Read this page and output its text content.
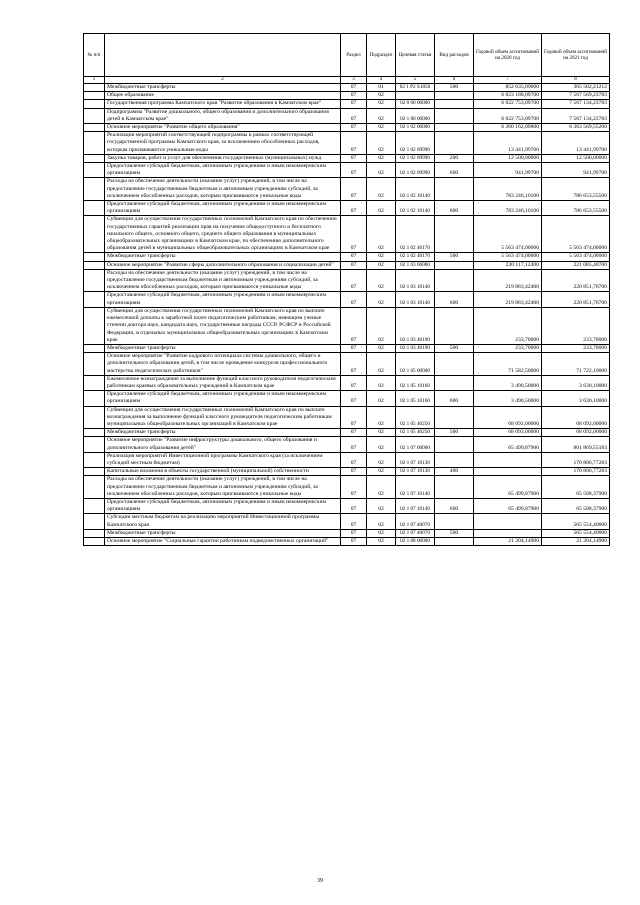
№ п/п		Раздел	Подраздел	Целевая статья	Вид расходов	Годовой объем ассигнований на 2020 год	Годовой объем ассигнований на 2021 год
1	2	3	4	5	6	7	8
	Межбюджетные трансферты	07	01	02 1 Р2 S1850	500	852 635,09000	365 582,21212
	Общее образование	07	02			6 823 188,09700	7 567 569,23783
	Государственная программа Камчатского края "Развитие образования в Камчатском крае"	07	02	02 0 00 00000		6 822 753,09700	7 567 134,23783
	Подпрограмма "Развитие дошкольного, общего образования и дополнительного образования детей в Камчатском крае"	07	02	02 1 00 00000		6 822 753,09700	7 567 134,23783
	Основное мероприятие "Развитие общего образования"	07	02	02 1 02 00000		6 360 162,09800	6 363 569,55200
	Реализация мероприятий соответствующей подпрограммы в рамках соответствующей государственной программы Камчатского края, за исключением обособленных расходов, которым присваиваются уникальные коды	07	02	02 1 02 09990		13 441,99700	13 441,99700
	Закупка товаров, работ и услуг для обеспечения государственных (муниципальных) нужд	07	02	02 1 02 09990	200	12 500,00000	12 500,00000
	Предоставление субсидий бюджетным, автономным учреждениям и иным некоммерческим организациям	07	02	02 1 02 09990	600	941,99700	941,99700
	Расходы на обеспечение деятельности (оказание услуг) учреждений, в том числе на предоставление государственным бюджетным и автономным учреждениям субсидий, за исключением обособленных расходов, которым присваиваются уникальные коды	07	02	02 1 02 10140		783 246,10100	786 653,55500
	Предоставление субсидий бюджетным, автономным учреждениям и иным некоммерческим организациям	07	02	02 1 02 10140	600	783 246,10100	786 653,55500
	Субвенции для осуществления государственных полномочий Камчатского края по обеспечению государственных гарантий реализации прав на получение общедоступного и бесплатного начального общего, основного общего, среднего общего образования в муниципальных общеобразовательных организациях в Камчатском крае, по обеспечению дополнительного образования детей в муниципальных общеобразовательных организациях в Камчатском крае	07	02	02 1 02 40170		5 563 474,00000	5 563 474,00000
	Межбюджетные трансферты	07	02	02 1 02 40170	500	5 563 474,00000	5 563 474,00000
	Основное мероприятие "Развитие сферы дополнительного образования и социализации детей"	07	02	02 1 03 00000		220 117,12400	221 085,48700
	Расходы на обеспечение деятельности (оказание услуг) учреждений, в том числе на предоставление государственным бюджетным и автономным учреждениям субсидий, за исключением обособленных расходов, которым присваиваются уникальные коды	07	02	02 1 03 10140		219 883,42400	220 851,78700
	Предоставление субсидий бюджетным, автономным учреждениям и иным некоммерческим организациям	07	02	02 1 03 10140	600	219 883,42400	220 851,78700
	Субвенции для осуществления государственных полномочий Камчатского края по выплате ежемесячной доплаты к заработной плате педагогическим работникам, имеющим ученые степени доктора наук, кандидата наук, государственные награды СССР, РСФСР и Российской Федерации, в отдельных муниципальных общеобразовательных организациях в Камчатском крае	07	02	02 1 03 40190		233,70000	233,70000
	Межбюджетные трансферты	07	02	02 1 03 40190	500	233,70000	233,70000
	Основное мероприятие "Развитие кадрового потенциала системы дошкольного, общего и дополнительного образования детей, в том числе проведение конкурсов профессионального мастерства педагогических работников"	07	02	02 1 05 00000		71 582,50000	71 722,10000
	Ежемесячное вознаграждение за выполнение функций классного руководителя педагогическим работникам краевых образовательных учреждений в Камчатском крае	07	02	02 1 05 10160		3 490,50000	3 630,10000
	Предоставление субсидий бюджетным, автономным учреждениям и иным некоммерческим организациям	07	02	02 1 05 10160	600	3 490,50000	3 630,10000
	Субвенции для осуществления государственных полномочий Камчатского края по выплате вознаграждения за выполнение функций классного руководителя педагогическим работникам муниципальных общеобразовательных организаций в Камчатском крае	07	02	02 1 05 40250		68 092,00000	68 092,00000
	Межбюджетные трансферты	07	02	02 1 05 40250	500	68 092,00000	68 092,00000
	Основное мероприятие "Развитие инфраструктуры дошкольного, общего образования и дополнительного образования детей"	07	02	02 1 07 00000		65 499,87900	801 869,55183
	Реализация мероприятий Инвестиционной программы Камчатского края (за исключением субсидий местным бюджетам)	07	02	02 1 07 10130			170 806,77283
	Капитальные вложения в объекты государственной (муниципальной) собственности	07	02	02 1 07 10130	400		170 806,77283
	Расходы на обеспечение деятельности (оказание услуг) учреждений, в том числе на предоставление государственным бюджетным и автономным учреждениям субсидий, за исключением обособленных расходов, которым присваиваются уникальные коды	07	02	02 1 07 10140		65 499,87900	65 508,37900
	Предоставление субсидий бюджетным, автономным учреждениям и иным некоммерческим организациям	07	02	02 1 07 10140	600	65 499,87900	65 508,37900
	Субсидии местным бюджетам на реализацию мероприятий Инвестиционной программы Камчатского края	07	02	02 1 07 40070			565 554,40000
	Межбюджетные трансферты	07	02	02 1 07 40070	500		565 554,40000
	Основное мероприятие "Социальные гарантии работникам подведомственных организаций"	07	02	02 1 08 00000		21 204,14900	21 204,14900
39
